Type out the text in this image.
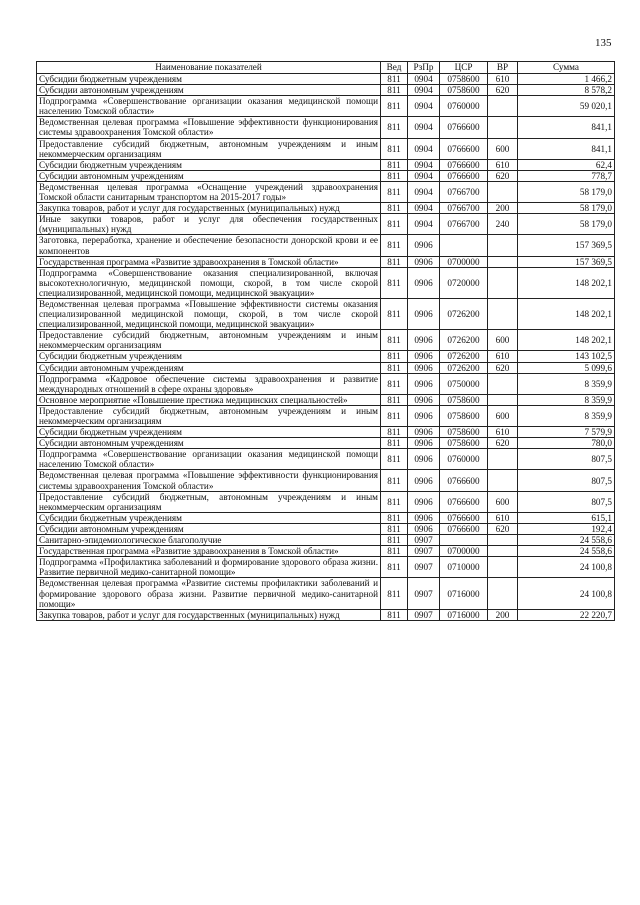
135
Наименование показателей	Вед	РзПр	ЦСР	ВР	Сумма
Субсидии бюджетным учреждениям	811	0904	0758600	610	1 466,2
Субсидии автономным учреждениям	811	0904	0758600	620	8 578,2
Подпрограмма «Совершенствование организации оказания медицинской помощи населению Томской области»	811	0904	0760000		59 020,1
Ведомственная целевая программа «Повышение эффективности функционирования системы здравоохранения Томской области»	811	0904	0766600		841,1
Предоставление субсидий бюджетным, автономным учреждениям и иным некоммерческим организациям	811	0904	0766600	600	841,1
Субсидии бюджетным учреждениям	811	0904	0766600	610	62,4
Субсидии автономным учреждениям	811	0904	0766600	620	778,7
Ведомственная целевая программа «Оснащение учреждений здравоохранения Томской области санитарным транспортом на 2015-2017 годы»	811	0904	0766700		58 179,0
Закупка товаров, работ и услуг для государственных (муниципальных) нужд	811	0904	0766700	200	58 179,0
Иные закупки товаров, работ и услуг для обеспечения государственных (муниципальных) нужд	811	0904	0766700	240	58 179,0
Заготовка, переработка, хранение и обеспечение безопасности донорской крови и ее компонентов	811	0906			157 369,5
Государственная программа «Развитие здравоохранения в Томской области»	811	0906	0700000		157 369,5
Подпрограмма «Совершенствование оказания специализированной, включая высокотехнологичную, медицинской помощи, скорой, в том числе скорой специализированной, медицинской помощи, медицинской эвакуации»	811	0906	0720000		148 202,1
Ведомственная целевая программа «Повышение эффективности системы оказания специализированной медицинской помощи, скорой, в том числе скорой специализированной, медицинской помощи, медицинской эвакуации»	811	0906	0726200		148 202,1
Предоставление субсидий бюджетным, автономным учреждениям и иным некоммерческим организациям	811	0906	0726200	600	148 202,1
Субсидии бюджетным учреждениям	811	0906	0726200	610	143 102,5
Субсидии автономным учреждениям	811	0906	0726200	620	5 099,6
Подпрограмма «Кадровое обеспечение системы здравоохранения и развитие международных отношений в сфере охраны здоровья»	811	0906	0750000		8 359,9
Основное мероприятие «Повышение престижа медицинских специальностей»	811	0906	0758600		8 359,9
Предоставление субсидий бюджетным, автономным учреждениям и иным некоммерческим организациям	811	0906	0758600	600	8 359,9
Субсидии бюджетным учреждениям	811	0906	0758600	610	7 579,9
Субсидии автономным учреждениям	811	0906	0758600	620	780,0
Подпрограмма «Совершенствование организации оказания медицинской помощи населению Томской области»	811	0906	0760000		807,5
Ведомственная целевая программа «Повышение эффективности функционирования системы здравоохранения Томской области»	811	0906	0766600		807,5
Предоставление субсидий бюджетным, автономным учреждениям и иным некоммерческим организациям	811	0906	0766600	600	807,5
Субсидии бюджетным учреждениям	811	0906	0766600	610	615,1
Субсидии автономным учреждениям	811	0906	0766600	620	192,4
Санитарно-эпидемиологическое благополучие	811	0907			24 558,6
Государственная программа «Развитие здравоохранения в Томской области»	811	0907	0700000		24 558,6
Подпрограмма «Профилактика заболеваний и формирование здорового образа жизни. Развитие первичной медико-санитарной помощи»	811	0907	0710000		24 100,8
Ведомственная целевая программа «Развитие системы профилактики заболеваний и формирование здорового образа жизни. Развитие первичной медико-санитарной помощи»	811	0907	0716000		24 100,8
Закупка товаров, работ и услуг для государственных (муниципальных) нужд	811	0907	0716000	200	22 220,7
